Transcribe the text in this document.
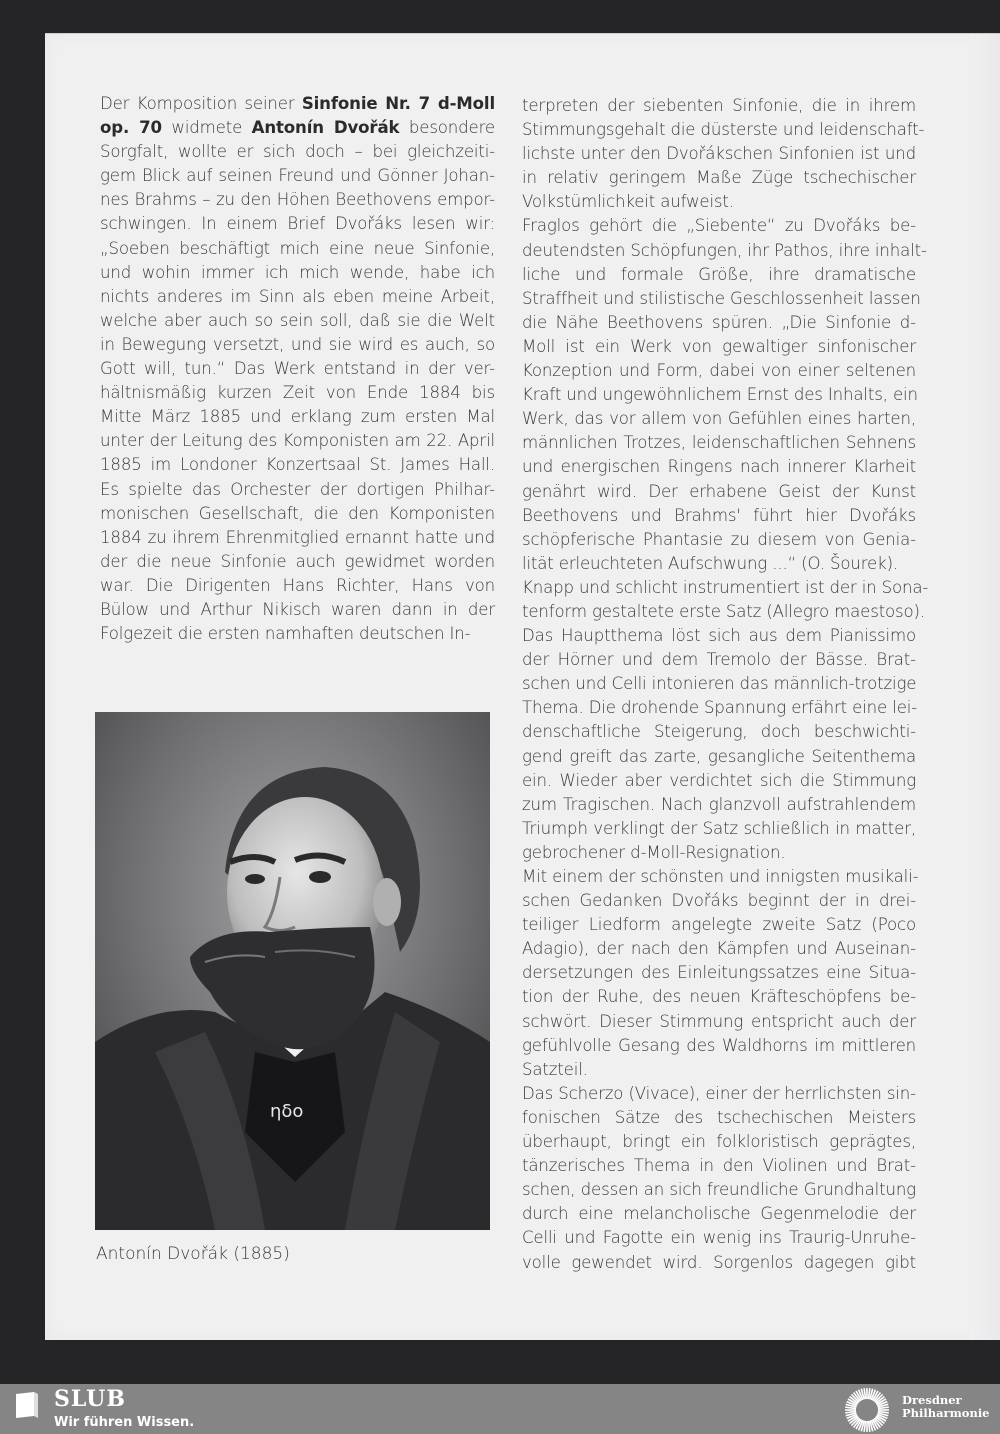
Der Komposition seiner Sinfonie Nr. 7 d-Moll
op. 70 widmete Antonín Dvořák besondere
Sorgfalt, wollte er sich doch – bei gleichzeiti-
gem Blick auf seinen Freund und Gönner Johan-
nes Brahms – zu den Höhen Beethovens empor-
schwingen. In einem Brief Dvořáks lesen wir:
„Soeben beschäftigt mich eine neue Sinfonie,
und wohin immer ich mich wende, habe ich
nichts anderes im Sinn als eben meine Arbeit,
welche aber auch so sein soll, daß sie die Welt
in Bewegung versetzt, und sie wird es auch, so
Gott will, tun.“ Das Werk entstand in der ver-
hältnismäßig kurzen Zeit von Ende 1884 bis
Mitte März 1885 und erklang zum ersten Mal
unter der Leitung des Komponisten am 22. April
1885 im Londoner Konzertsaal St. James Hall.
Es spielte das Orchester der dortigen Philhar-
monischen Gesellschaft, die den Komponisten
1884 zu ihrem Ehrenmitglied ernannt hatte und
der die neue Sinfonie auch gewidmet worden
war. Die Dirigenten Hans Richter, Hans von
Bülow und Arthur Nikisch waren dann in der
Folgezeit die ersten namhaften deutschen In-
terpreten der siebenten Sinfonie, die in ihrem
Stimmungsgehalt die düsterste und leidenschaft-
lichste unter den Dvořákschen Sinfonien ist und
in relativ geringem Maße Züge tschechischer
Volkstümlichkeit aufweist.
Fraglos gehört die „Siebente“ zu Dvořáks be-
deutendsten Schöpfungen, ihr Pathos, ihre inhalt-
liche und formale Größe, ihre dramatische
Straffheit und stilistische Geschlossenheit lassen
die Nähe Beethovens spüren. „Die Sinfonie d-
Moll ist ein Werk von gewaltiger sinfonischer
Konzeption und Form, dabei von einer seltenen
Kraft und ungewöhnlichem Ernst des Inhalts, ein
Werk, das vor allem von Gefühlen eines harten,
männlichen Trotzes, leidenschaftlichen Sehnens
und energischen Ringens nach innerer Klarheit
genährt wird. Der erhabene Geist der Kunst
Beethovens und Brahms' führt hier Dvořáks
schöpferische Phantasie zu diesem von Genia-
lität erleuchteten Aufschwung ...“ (O. Šourek).
Knapp und schlicht instrumentiert ist der in Sona-
tenform gestaltete erste Satz (Allegro maestoso).
Das Hauptthema löst sich aus dem Pianissimo
der Hörner und dem Tremolo der Bässe. Brat-
schen und Celli intonieren das männlich-trotzige
Thema. Die drohende Spannung erfährt eine lei-
denschaftliche Steigerung, doch beschwichti-
gend greift das zarte, gesangliche Seitenthema
ein. Wieder aber verdichtet sich die Stimmung
zum Tragischen. Nach glanzvoll aufstrahlendem
Triumph verklingt der Satz schließlich in matter,
gebrochener d-Moll-Resignation.
Mit einem der schönsten und innigsten musikali-
schen Gedanken Dvořáks beginnt der in drei-
teiliger Liedform angelegte zweite Satz (Poco
Adagio), der nach den Kämpfen und Auseinan-
dersetzungen des Einleitungssatzes eine Situa-
tion der Ruhe, des neuen Kräfteschöpfens be-
schwört. Dieser Stimmung entspricht auch der
gefühlvolle Gesang des Waldhorns im mittleren
Satzteil.
Das Scherzo (Vivace), einer der herrlichsten sin-
fonischen Sätze des tschechischen Meisters
überhaupt, bringt ein folkloristisch geprägtes,
tänzerisches Thema in den Violinen und Brat-
schen, dessen an sich freundliche Grundhaltung
durch eine melancholische Gegenmelodie der
Celli und Fagotte ein wenig ins Traurig-Unruhe-
volle gewendet wird. Sorgenlos dagegen gibt
ηδο
Antonín Dvořák (1885)
SLUB
Wir führen Wissen.
Dresdner
Philharmonie
